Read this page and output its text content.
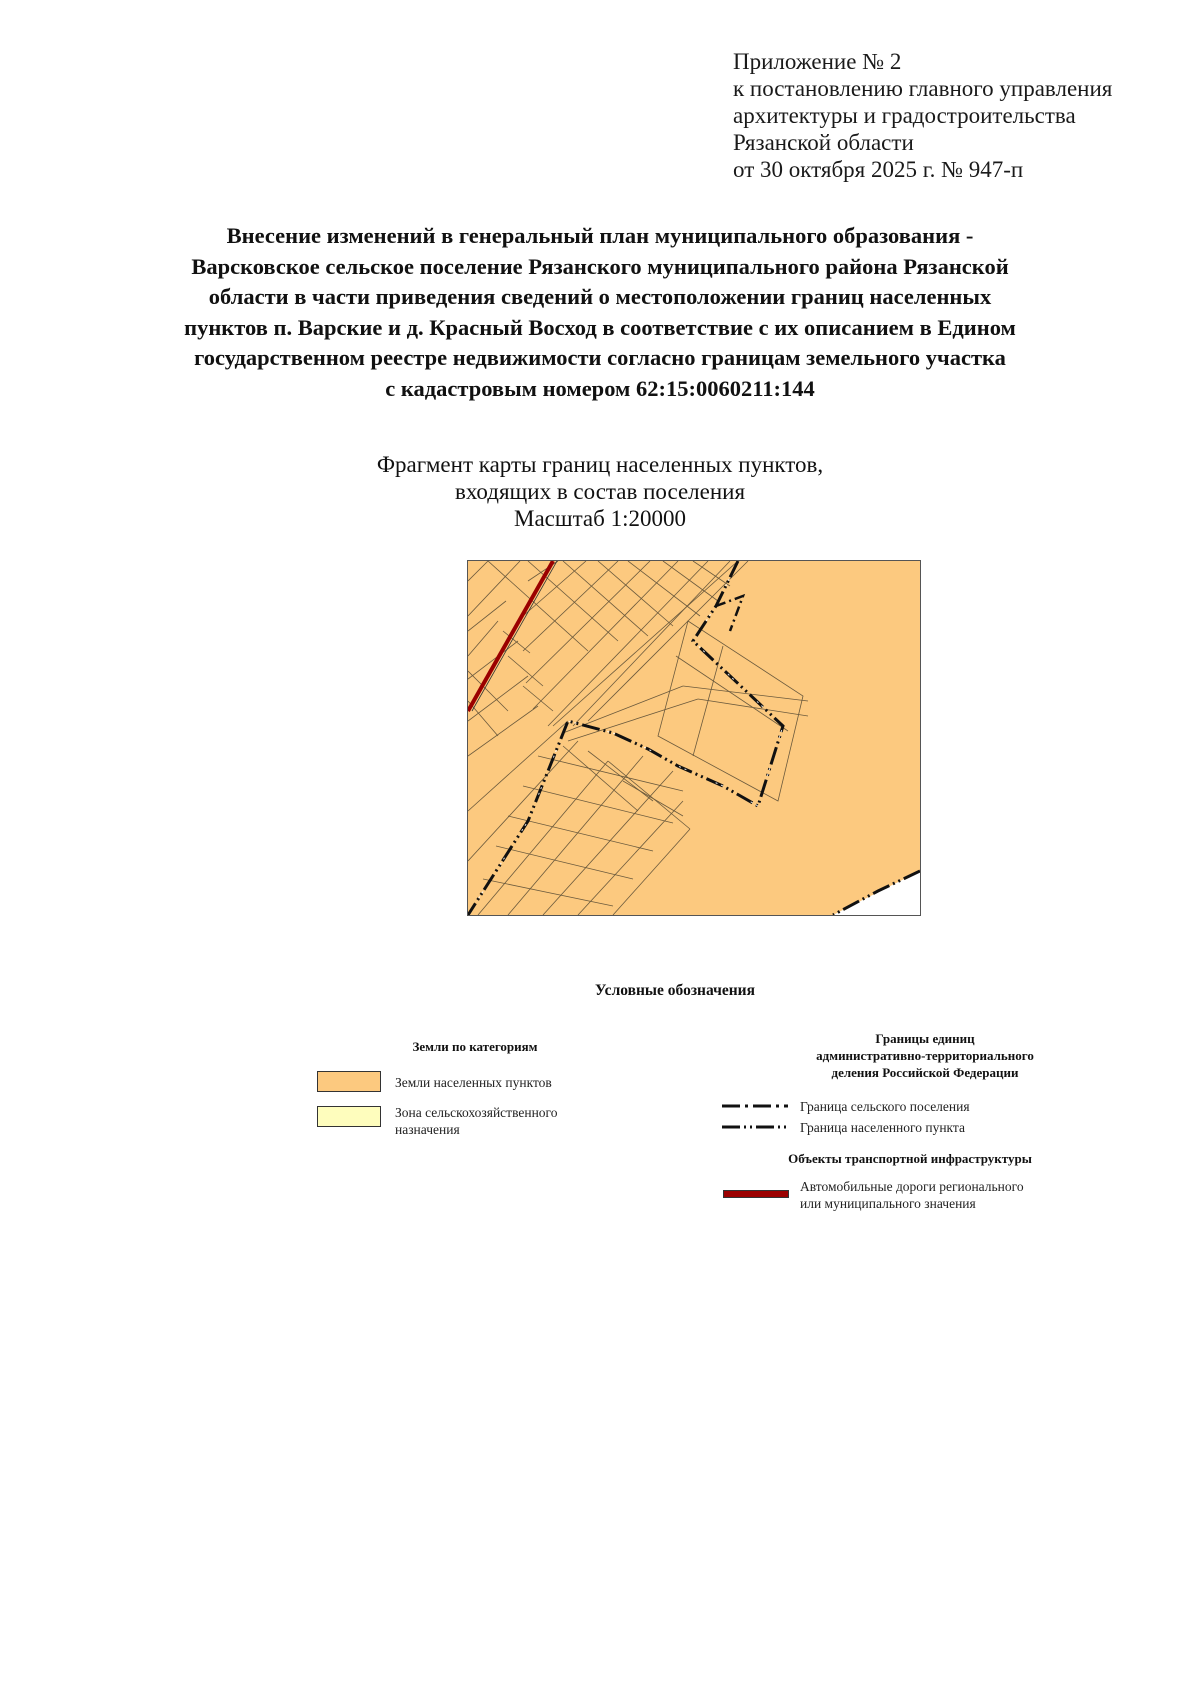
Приложение № 2
к постановлению главного управления
архитектуры и градостроительства
Рязанской области
от 30 октября 2025 г. № 947-п
Внесение изменений в генеральный план муниципального образования -
Варсковское сельское поселение Рязанского муниципального района Рязанской
области в части приведения сведений о местоположении границ населенных
пунктов п. Варские и д. Красный Восход в соответствие с их описанием в Едином
государственном реестре недвижимости согласно границам земельного участка
с кадастровым номером 62:15:0060211:144
Фрагмент карты границ населенных пунктов,
входящих в состав поселения
Масштаб 1:20000
Условные обозначения
Земли по категориям
Земли населенных пунктов
Зона сельскохозяйственного
назначения
Границы единиц
административно-территориального
деления Российской Федерации
Граница сельского поселения
Граница населенного пункта
Объекты транспортной инфраструктуры
Автомобильные дороги регионального
или муниципального значения
